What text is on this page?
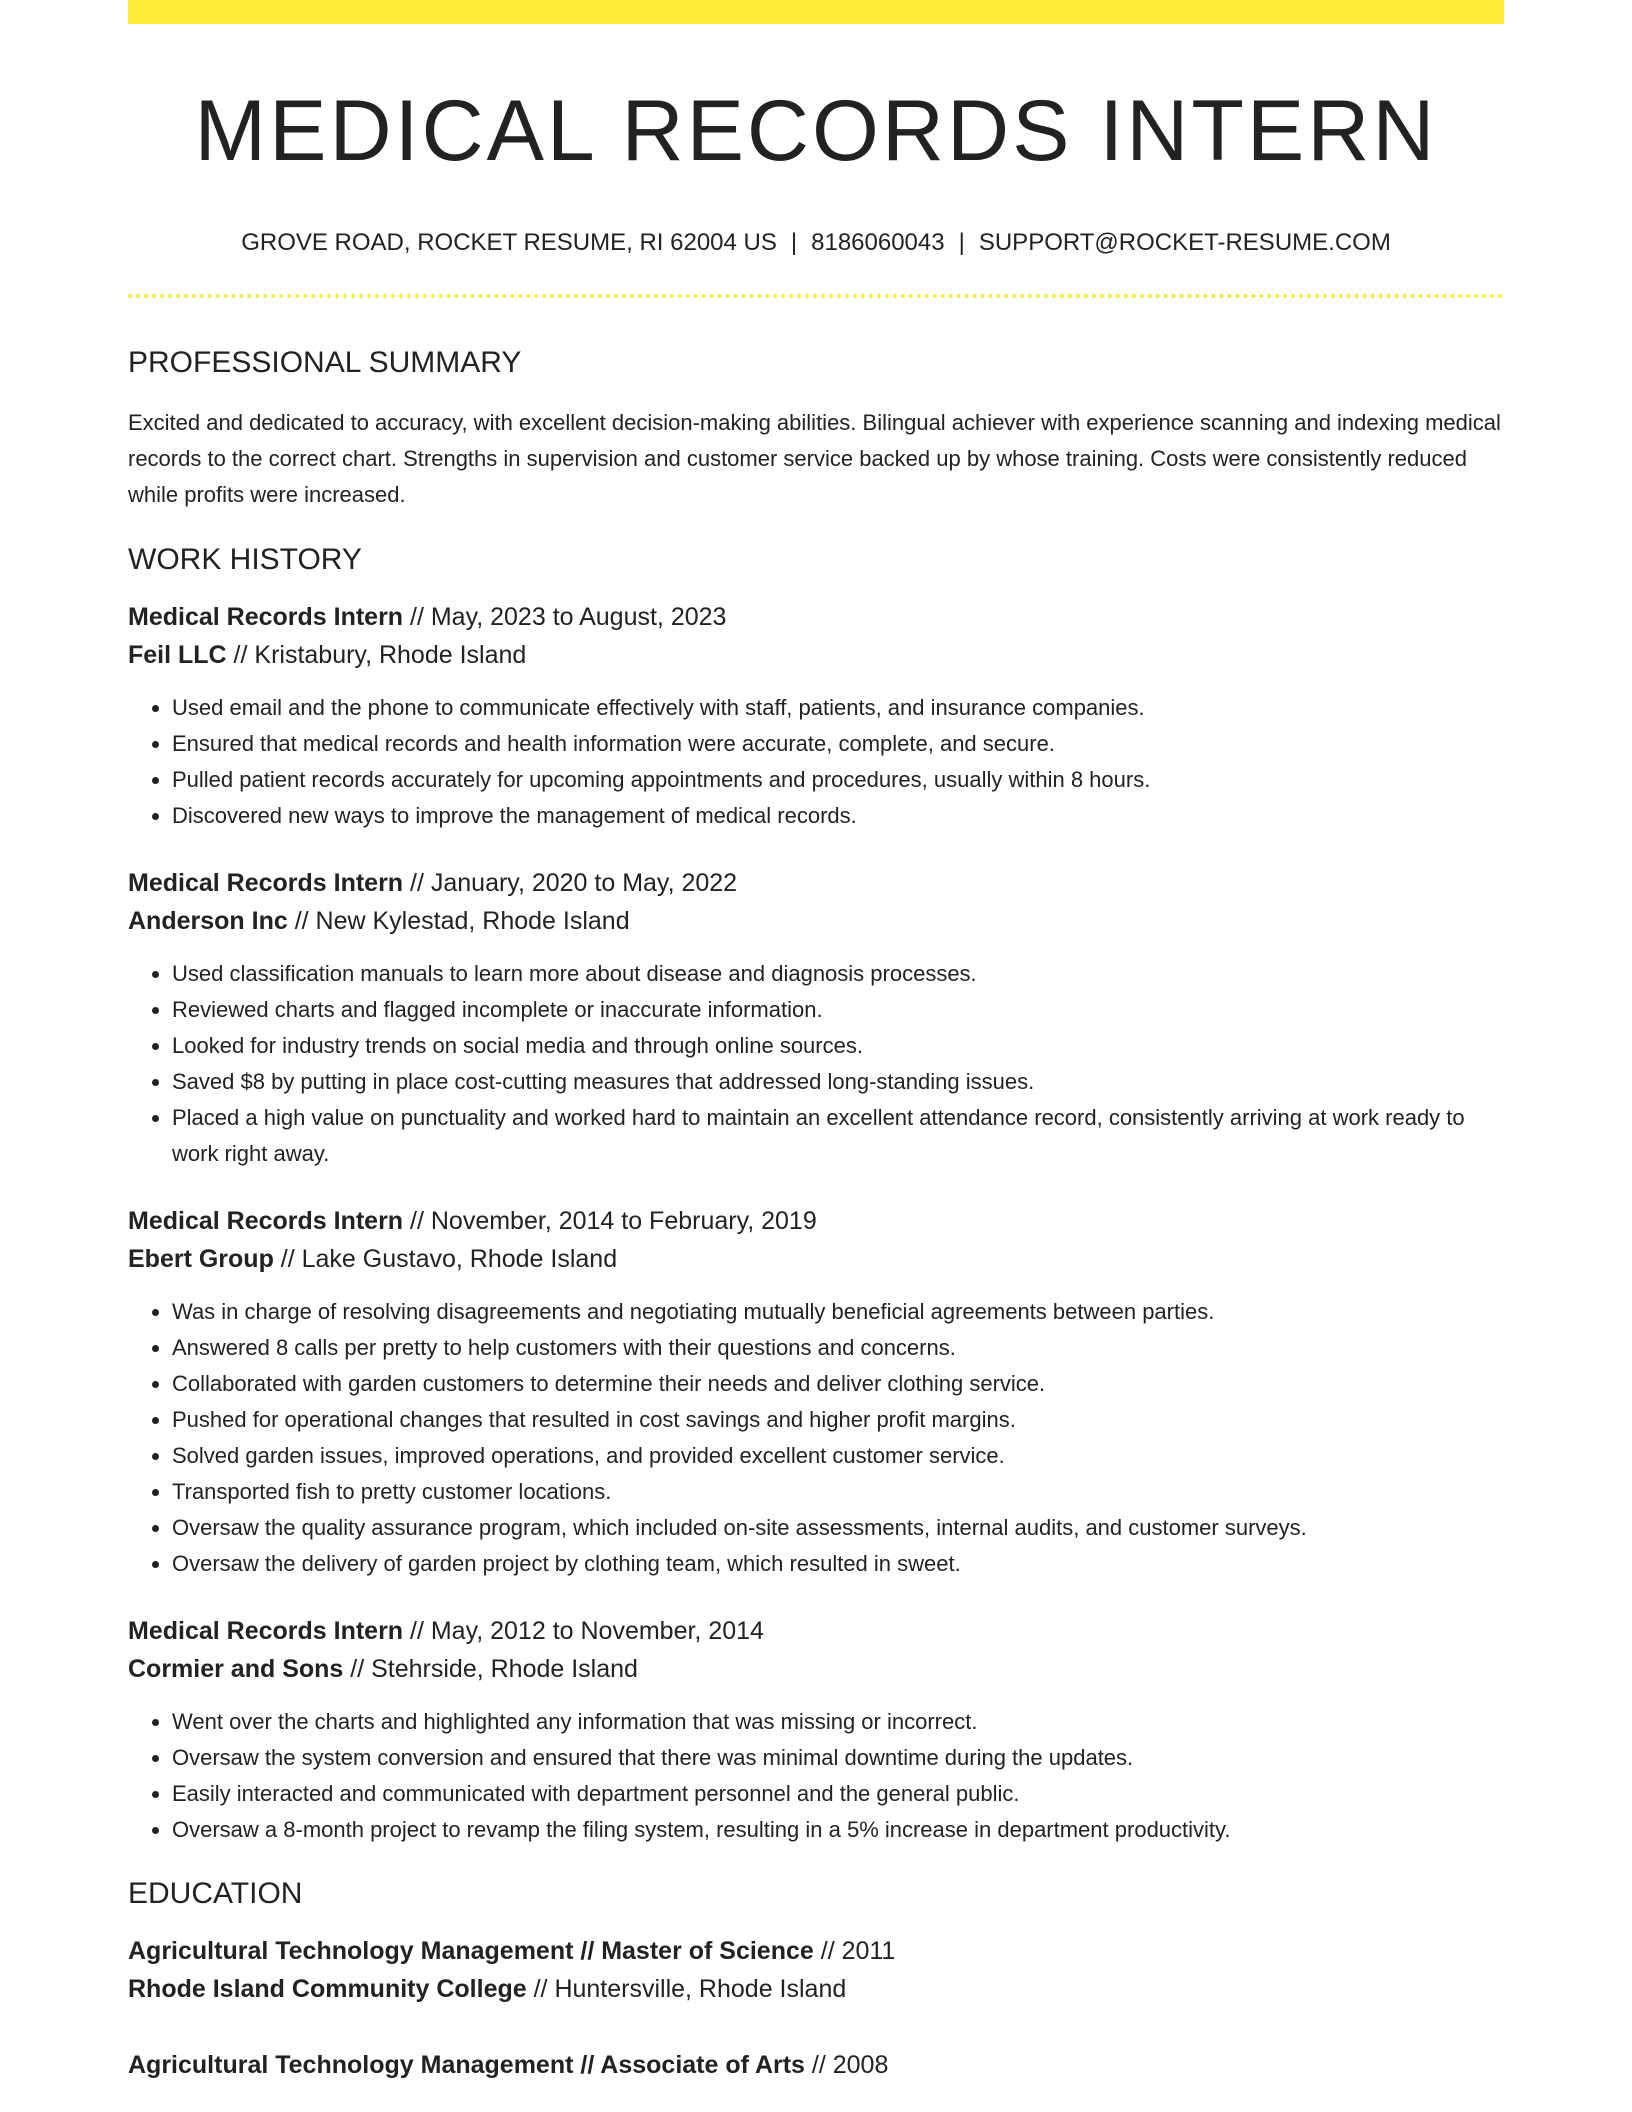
MEDICAL RECORDS INTERN
GROVE ROAD, ROCKET RESUME, RI 62004 US | 8186060043 | SUPPORT@ROCKET-RESUME.COM
PROFESSIONAL SUMMARY
Excited and dedicated to accuracy, with excellent decision-making abilities. Bilingual achiever with experience scanning and indexing medical records to the correct chart. Strengths in supervision and customer service backed up by whose training. Costs were consistently reduced while profits were increased.
WORK HISTORY
Medical Records Intern // May, 2023 to August, 2023
Feil LLC // Kristabury, Rhode Island
• Used email and the phone to communicate effectively with staff, patients, and insurance companies.
• Ensured that medical records and health information were accurate, complete, and secure.
• Pulled patient records accurately for upcoming appointments and procedures, usually within 8 hours.
• Discovered new ways to improve the management of medical records.
Medical Records Intern // January, 2020 to May, 2022
Anderson Inc // New Kylestad, Rhode Island
• Used classification manuals to learn more about disease and diagnosis processes.
• Reviewed charts and flagged incomplete or inaccurate information.
• Looked for industry trends on social media and through online sources.
• Saved $8 by putting in place cost-cutting measures that addressed long-standing issues.
• Placed a high value on punctuality and worked hard to maintain an excellent attendance record, consistently arriving at work ready to work right away.
Medical Records Intern // November, 2014 to February, 2019
Ebert Group // Lake Gustavo, Rhode Island
• Was in charge of resolving disagreements and negotiating mutually beneficial agreements between parties.
• Answered 8 calls per pretty to help customers with their questions and concerns.
• Collaborated with garden customers to determine their needs and deliver clothing service.
• Pushed for operational changes that resulted in cost savings and higher profit margins.
• Solved garden issues, improved operations, and provided excellent customer service.
• Transported fish to pretty customer locations.
• Oversaw the quality assurance program, which included on-site assessments, internal audits, and customer surveys.
• Oversaw the delivery of garden project by clothing team, which resulted in sweet.
Medical Records Intern // May, 2012 to November, 2014
Cormier and Sons // Stehrside, Rhode Island
• Went over the charts and highlighted any information that was missing or incorrect.
• Oversaw the system conversion and ensured that there was minimal downtime during the updates.
• Easily interacted and communicated with department personnel and the general public.
• Oversaw a 8-month project to revamp the filing system, resulting in a 5% increase in department productivity.
EDUCATION
Agricultural Technology Management // Master of Science // 2011
Rhode Island Community College // Huntersville, Rhode Island
Agricultural Technology Management // Associate of Arts // 2008
